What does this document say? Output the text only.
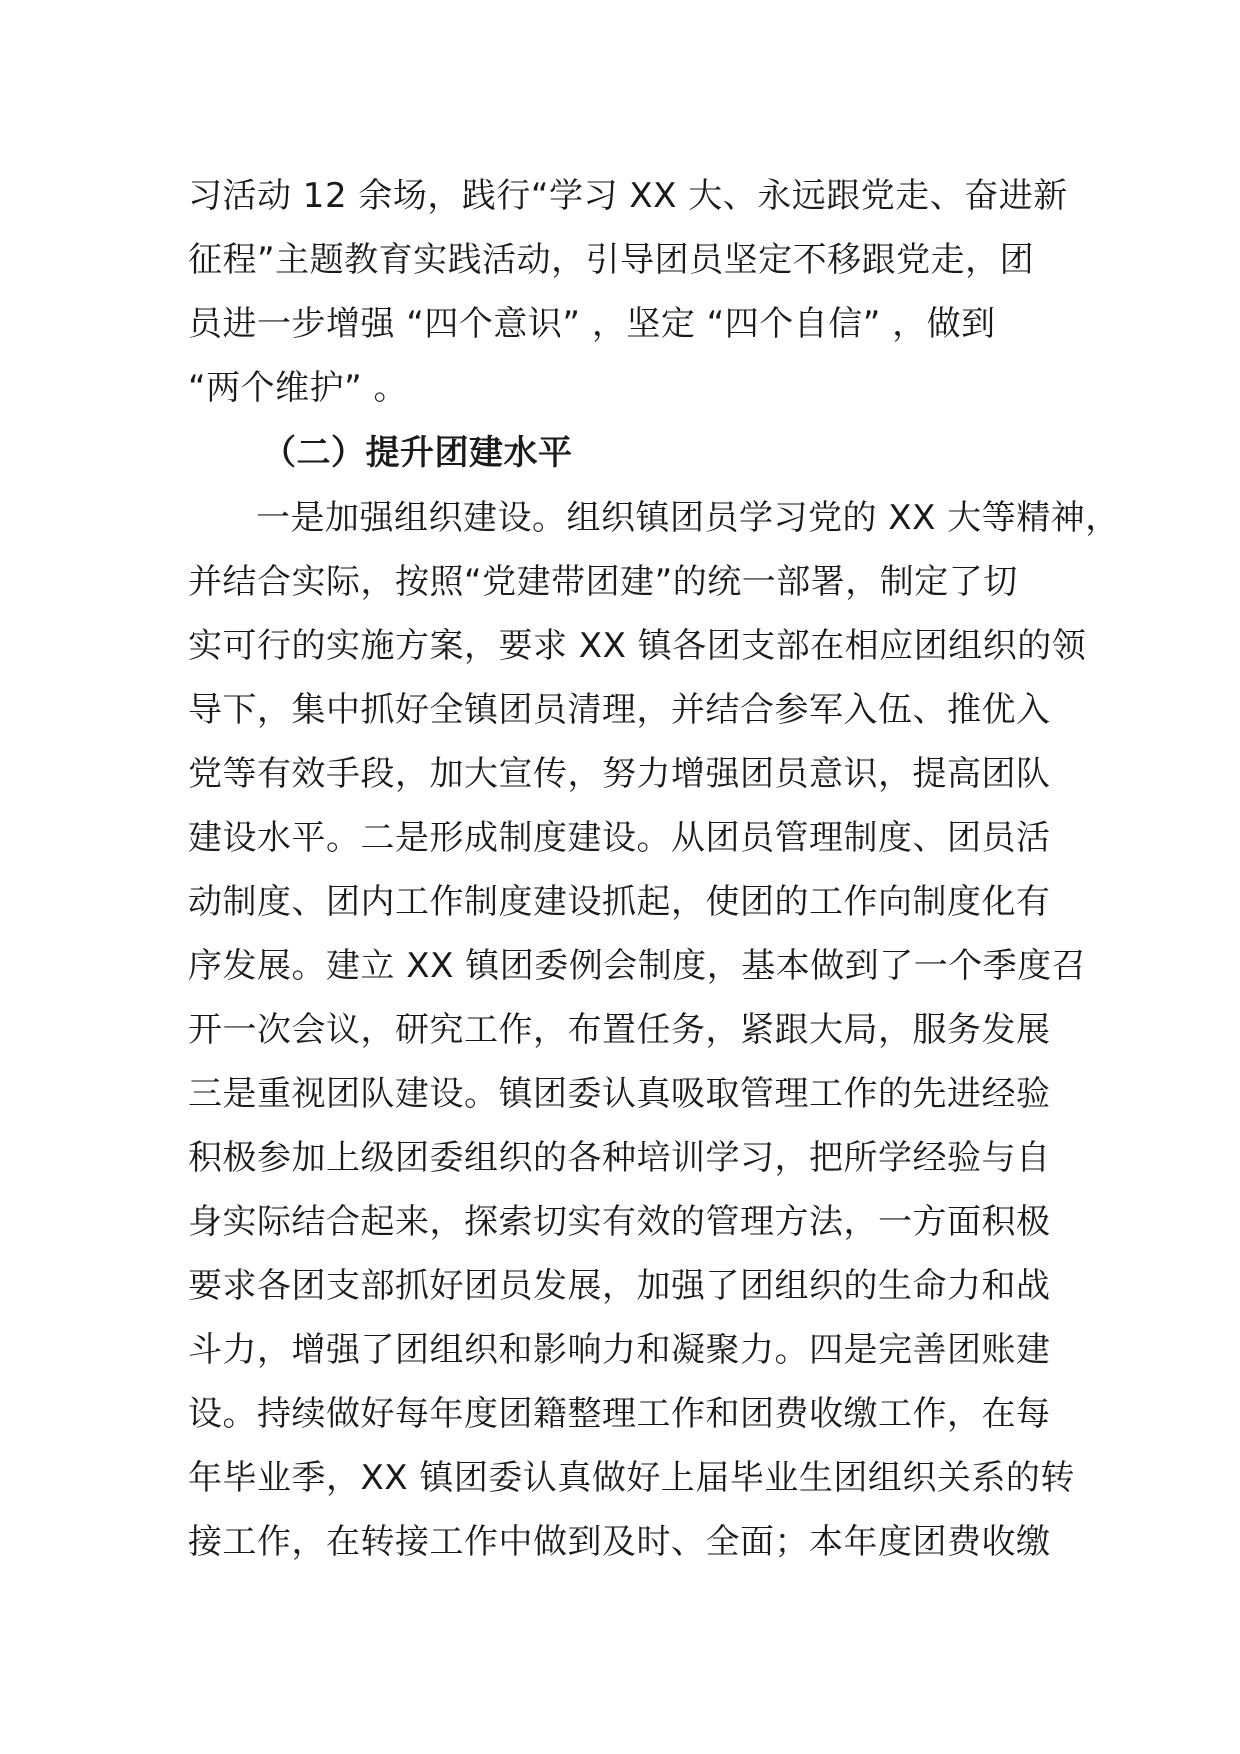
习活动 12 余场，践行“学习 XX 大、永远跟党走、奋进新
征程”主题教育实践活动，引导团员坚定不移跟党走，团
员进一步增强 “四个意识” ，坚定 “四个自信” ，做到
“两个维护” 。
（二）提升团建水平
一是加强组织建设。组织镇团员学习党的 XX 大等精神，
并结合实际，按照“党建带团建”的统一部署，制定了切
实可行的实施方案，要求 XX 镇各团支部在相应团组织的领
导下，集中抓好全镇团员清理，并结合参军入伍、推优入
党等有效手段，加大宣传，努力增强团员意识，提高团队
建设水平。二是形成制度建设。从团员管理制度、团员活
动制度、团内工作制度建设抓起，使团的工作向制度化有
序发展。建立 XX 镇团委例会制度，基本做到了一个季度召
开一次会议，研究工作，布置任务，紧跟大局，服务发展
三是重视团队建设。镇团委认真吸取管理工作的先进经验
积极参加上级团委组织的各种培训学习，把所学经验与自
身实际结合起来，探索切实有效的管理方法，一方面积极
要求各团支部抓好团员发展，加强了团组织的生命力和战
斗力，增强了团组织和影响力和凝聚力。四是完善团账建
设。持续做好每年度团籍整理工作和团费收缴工作，在每
年毕业季，XX 镇团委认真做好上届毕业生团组织关系的转
接工作，在转接工作中做到及时、全面；本年度团费收缴
